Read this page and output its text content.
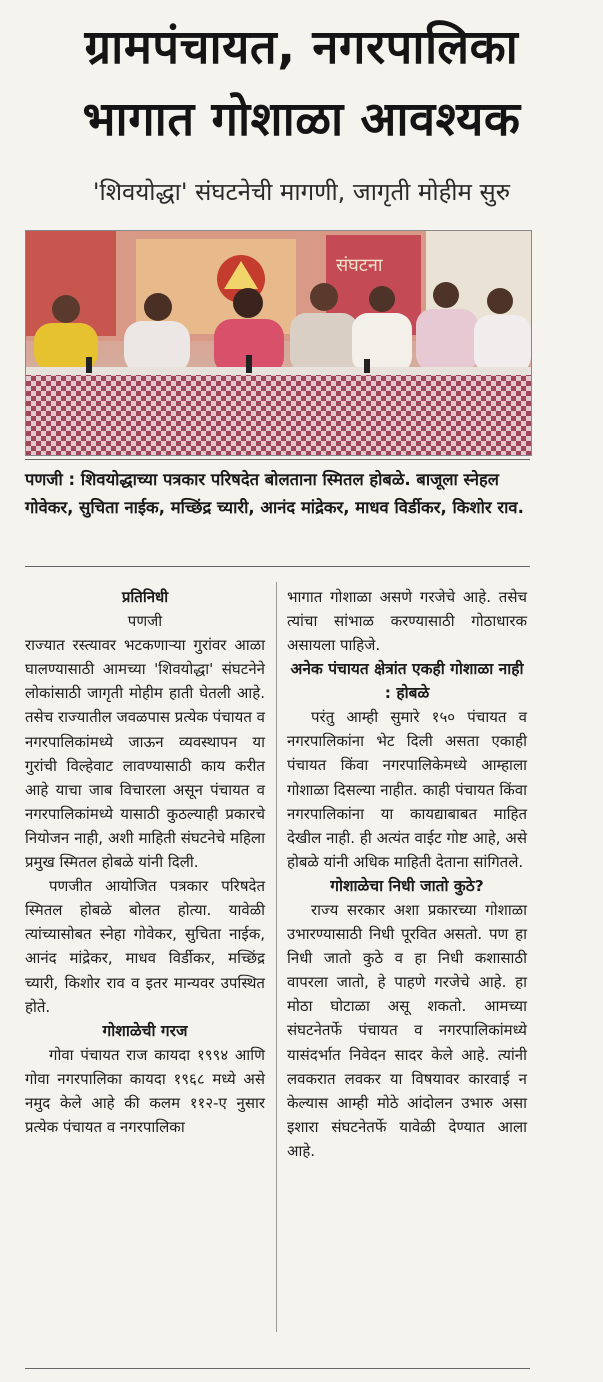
ग्रामपंचायत, नगरपालिका
भागात गोशाळा आवश्यक
'शिवयोद्धा' संघटनेची मागणी, जागृती मोहीम सुरु
संघटना
पणजी : शिवयोद्धाच्या पत्रकार परिषदेत बोलताना स्मितल होबळे. बाजूला स्नेहल गोवेकर, सुचिता नाईक, मच्छिंद्र च्यारी, आनंद मांद्रेकर, माधव विर्डीकर, किशोर राव.

प्रतिनिधी

पणजी

राज्यात रस्त्यावर भटकणाऱ्या गुरांवर आळा घालण्यासाठी आमच्या 'शिवयोद्धा' संघटनेने लोकांसाठी जागृती मोहीम हाती घेतली आहे. तसेच राज्यातील जवळपास प्रत्येक पंचायत व नगरपालिकांमध्ये जाऊन व्यवस्थापन या गुरांची विल्हेवाट लावण्यासाठी काय करीत आहे याचा जाब विचारला असून पंचायत व नगरपालिकांमध्ये यासाठी कुठल्याही प्रकारचे नियोजन नाही, अशी माहिती संघटनेचे महिला प्रमुख स्मितल होबळे यांनी दिली.

पणजीत आयोजित पत्रकार परिषदेत स्मितल होबळे बोलत होत्या. यावेळी त्यांच्यासोबत स्नेहा गोवेकर, सुचिता नाईक, आनंद मांद्रेकर, माधव विर्डीकर, मच्छिंद्र च्यारी, किशोर राव व इतर मान्यवर उपस्थित होते.

गोशाळेची गरज

गोवा पंचायत राज कायदा १९९४ आणि गोवा नगरपालिका कायदा १९६८ मध्ये असे नमुद केले आहे की कलम ११२-ए नुसार प्रत्येक पंचायत व नगरपालिका

भागात गोशाळा असणे गरजेचे आहे. तसेच त्यांचा सांभाळ करण्यासाठी गोठाधारक असायला पाहिजे.

अनेक पंचायत क्षेत्रांत एकही गोशाळा नाही : होबळे

परंतु आम्ही सुमारे १५० पंचायत व नगरपालिकांना भेट दिली असता एकाही पंचायत किंवा नगरपालिकेमध्ये आम्हाला गोशाळा दिसल्या नाहीत. काही पंचायत किंवा नगरपालिकांना या कायद्याबाबत माहित देखील नाही. ही अत्यंत वाईट गोष्ट आहे, असे होबळे यांनी अधिक माहिती देताना सांगितले.

गोशाळेचा निधी जातो कुठे?

राज्य सरकार अशा प्रकारच्या गोशाळा उभारण्यासाठी निधी पूरवित असतो. पण हा निधी जातो कुठे व हा निधी कशासाठी वापरला जातो, हे पाहणे गरजेचे आहे. हा मोठा घोटाळा असू शकतो. आमच्या संघटनेतर्फे पंचायत व नगरपालिकांमध्ये यासंदर्भात निवेदन सादर केले आहे. त्यांनी लवकरात लवकर या विषयावर कारवाई न केल्यास आम्ही मोठे आंदोलन उभारु असा इशारा संघटनेतर्फे यावेळी देण्यात आला आहे.
